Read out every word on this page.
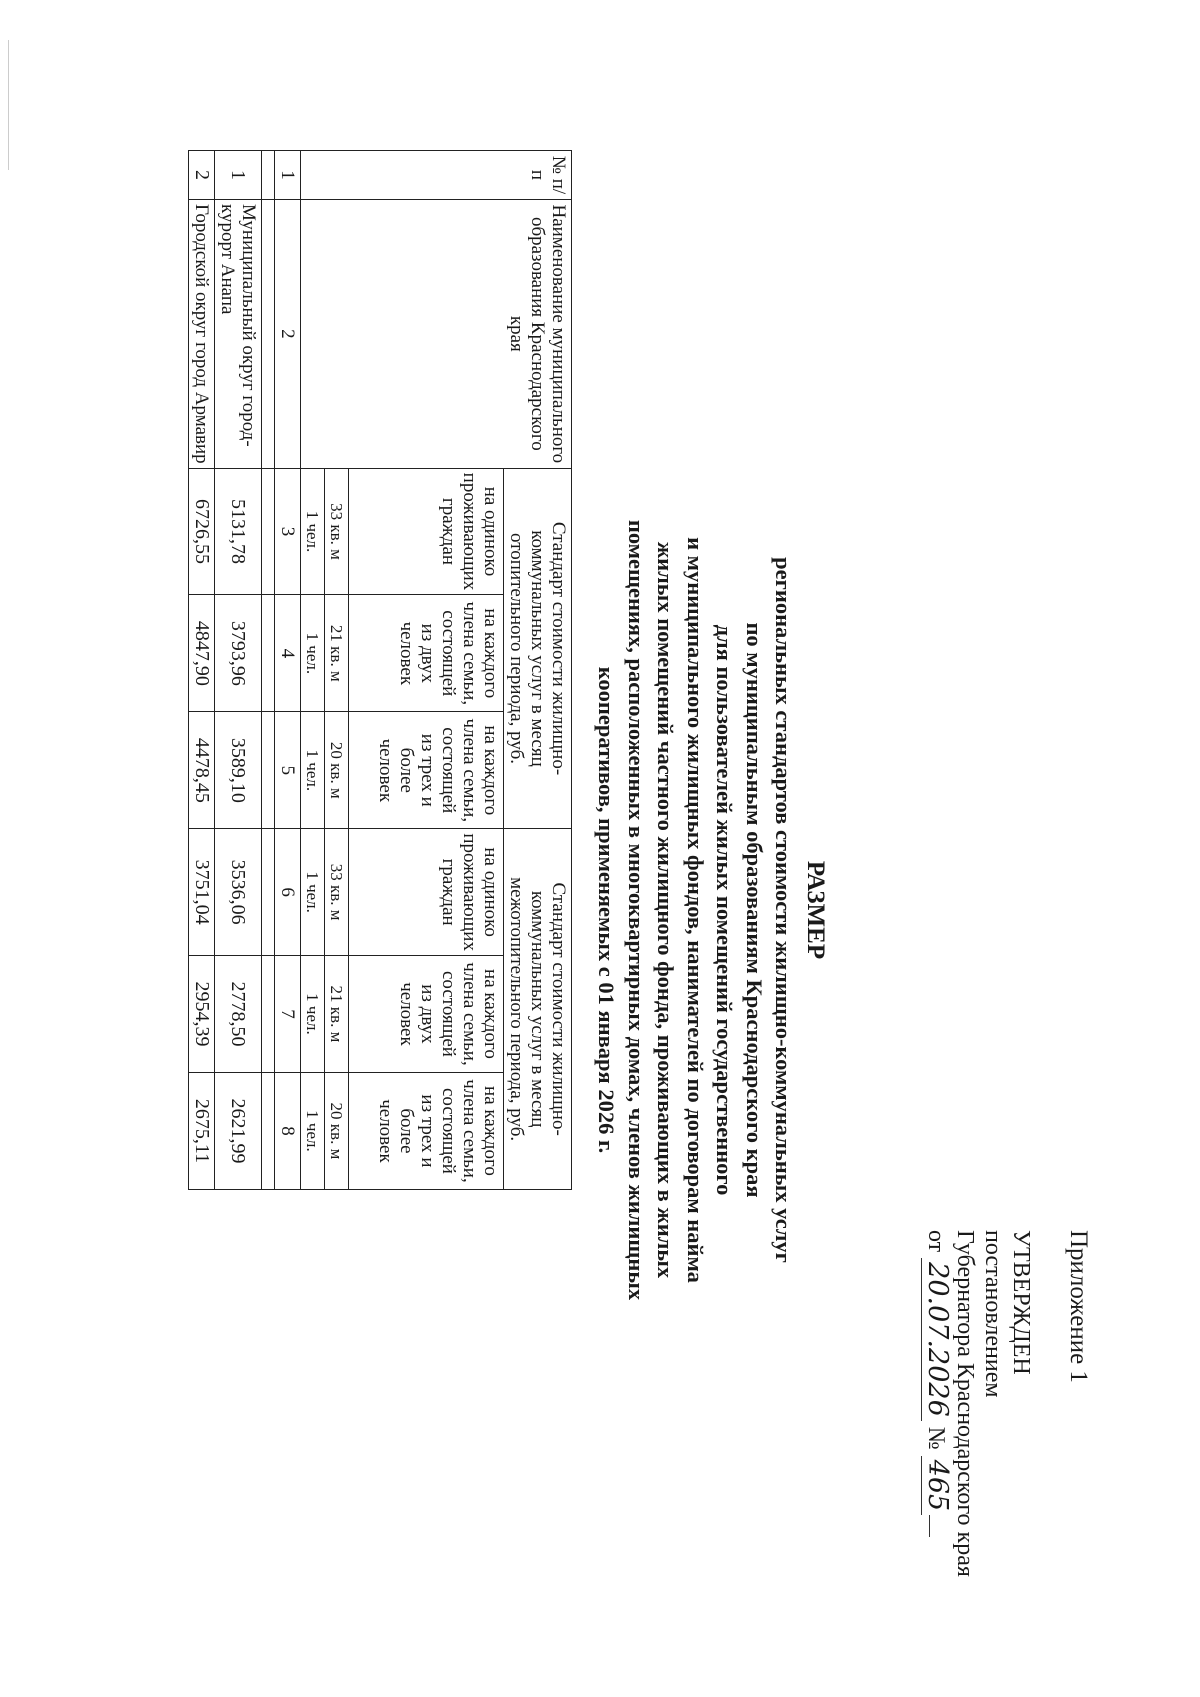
Приложение 1
УТВЕРЖДЕН
постановлением
Губернатора Краснодарского края
от 20.07.2026 № 465
РАЗМЕР
региональных стандартов стоимости жилищно-коммунальных услуг
по муниципальным образованиям Краснодарского края
для пользователей жилых помещений государственного
и муниципального жилищных фондов, нанимателей по договорам найма
жилых помещений частного жилищного фонда, проживающих в жилых
помещениях, расположенных в многоквартирных домах, членов жилищных
кооперативов, применяемых с 01 января 2026 г.
№ п/п	Наименование муниципального образования Краснодарского края	Стандарт стоимости жилищно-коммунальных услуг в месяц отопительного периода, руб.			Стандарт стоимости жилищно-коммунальных услуг в месяц межотопительного периода, руб.		
		на одиноко проживающих граждан	на каждого члена семьи, состоящей из двух человек	на каждого члена семьи, состоящей из трех и более человек	на одиноко проживающих граждан	на каждого члена семьи, состоящей из двух человек	на каждого члена семьи, состоящей из трех и более человек
		33 кв. м	21 кв. м	20 кв. м	33 кв. м	21 кв. м	20 кв. м
		1 чел.	1 чел.	1 чел.	1 чел.	1 чел.	1 чел.
1	2	3	4	5	6	7	8

1	Муниципальный округ город-курорт Анапа	5131,78	3793,96	3589,10	3536,06	2778,50	2621,99
2	Городской округ город Армавир	6726,55	4847,90	4478,45	3751,04	2954,39	2675,11
